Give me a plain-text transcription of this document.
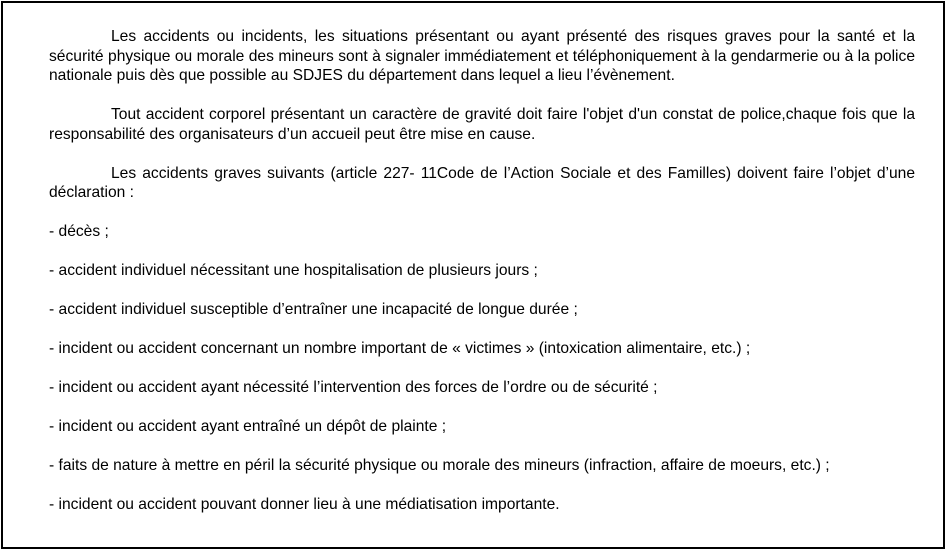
Les accidents ou incidents, les situations présentant ou ayant présenté des risques graves pour la santé et la sécurité physique ou morale des mineurs sont à signaler immédiatement et téléphoniquement à la gendarmerie ou à la police nationale puis dès que possible au SDJES du département dans lequel a lieu l’évènement.

Tout accident corporel présentant un caractère de gravité doit faire l'objet d'un constat de police,chaque fois que la responsabilité des organisateurs d’un accueil peut être mise en cause.

Les accidents graves suivants (article 227- 11Code de l’Action Sociale et des Familles) doivent faire l’objet d’une déclaration :

- décès ;
- accident individuel nécessitant une hospitalisation de plusieurs jours ;
- accident individuel susceptible d’entraîner une incapacité de longue durée ;
- incident ou accident concernant un nombre important de « victimes » (intoxication alimentaire, etc.) ;
- incident ou accident ayant nécessité l’intervention des forces de l’ordre ou de sécurité ;
- incident ou accident ayant entraîné un dépôt de plainte ;
- faits de nature à mettre en péril la sécurité physique ou morale des mineurs (infraction, affaire de moeurs, etc.) ;
- incident ou accident pouvant donner lieu à une médiatisation importante.
